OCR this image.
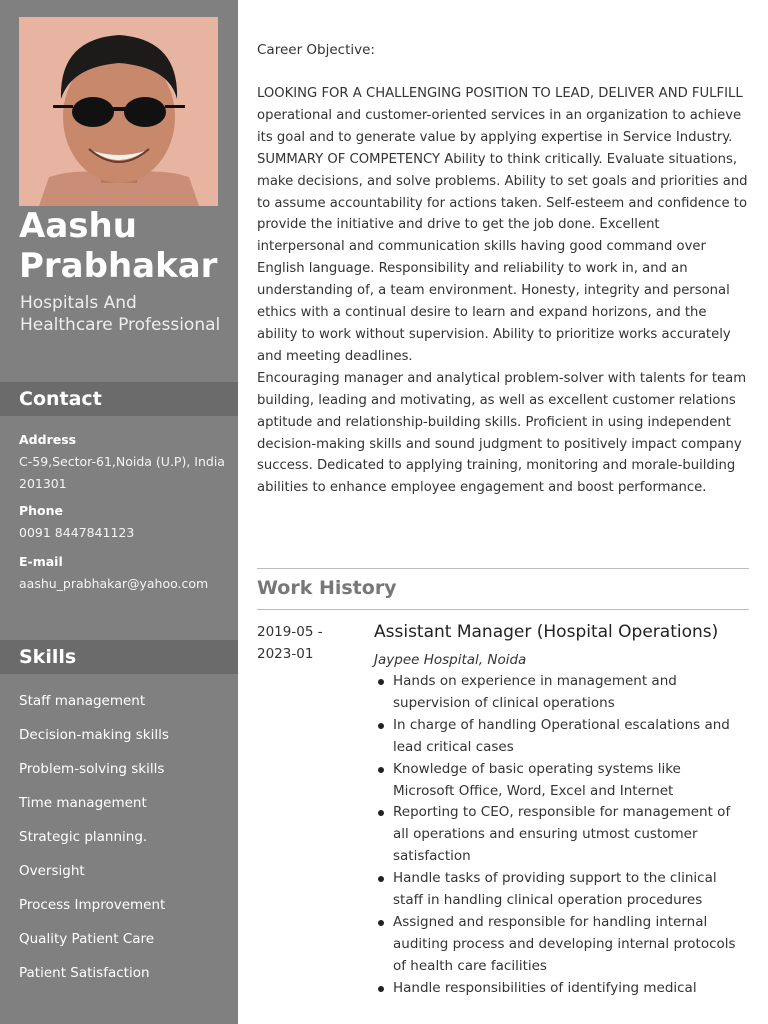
Aashu
Prabhakar
Hospitals And Healthcare Professional
Contact
Address
C-59,Sector-61,Noida (U.P), India 201301
Phone
0091 8447841123
E-mail
aashu_prabhakar@yahoo.com
Skills
Staff management
Decision-making skills
Problem-solving skills
Time management
Strategic planning.
Oversight
Process Improvement
Quality Patient Care
Patient Satisfaction
Career Objective:

LOOKING FOR A CHALLENGING POSITION TO LEAD, DELIVER AND FULFILL operational and customer-oriented services in an organization to achieve its goal and to generate value by applying expertise in Service Industry. SUMMARY OF COMPETENCY Ability to think critically. Evaluate situations, make decisions, and solve problems. Ability to set goals and priorities and to assume accountability for actions taken. Self-esteem and confidence to provide the initiative and drive to get the job done. Excellent interpersonal and communication skills having good command over English language. Responsibility and reliability to work in, and an understanding of, a team environment. Honesty, integrity and personal ethics with a continual desire to learn and expand horizons, and the ability to work without supervision. Ability to prioritize works accurately and meeting deadlines.

Encouraging manager and analytical problem-solver with talents for team building, leading and motivating, as well as excellent customer relations aptitude and relationship-building skills. Proficient in using independent decision-making skills and sound judgment to positively impact company success. Dedicated to applying training, monitoring and morale-building abilities to enhance employee engagement and boost performance.

Work History
2019-05 -
2023-01
Assistant Manager (Hospital Operations)
Jaypee Hospital, Noida
Hands on experience in management and supervision of clinical operations
In charge of handling Operational escalations and lead critical cases
Knowledge of basic operating systems like Microsoft Office, Word, Excel and Internet
Reporting to CEO, responsible for management of all operations and ensuring utmost customer satisfaction
Handle tasks of providing support to the clinical staff in handling clinical operation procedures
Assigned and responsible for handling internal auditing process and developing internal protocols of health care facilities
Handle responsibilities of identifying medical
